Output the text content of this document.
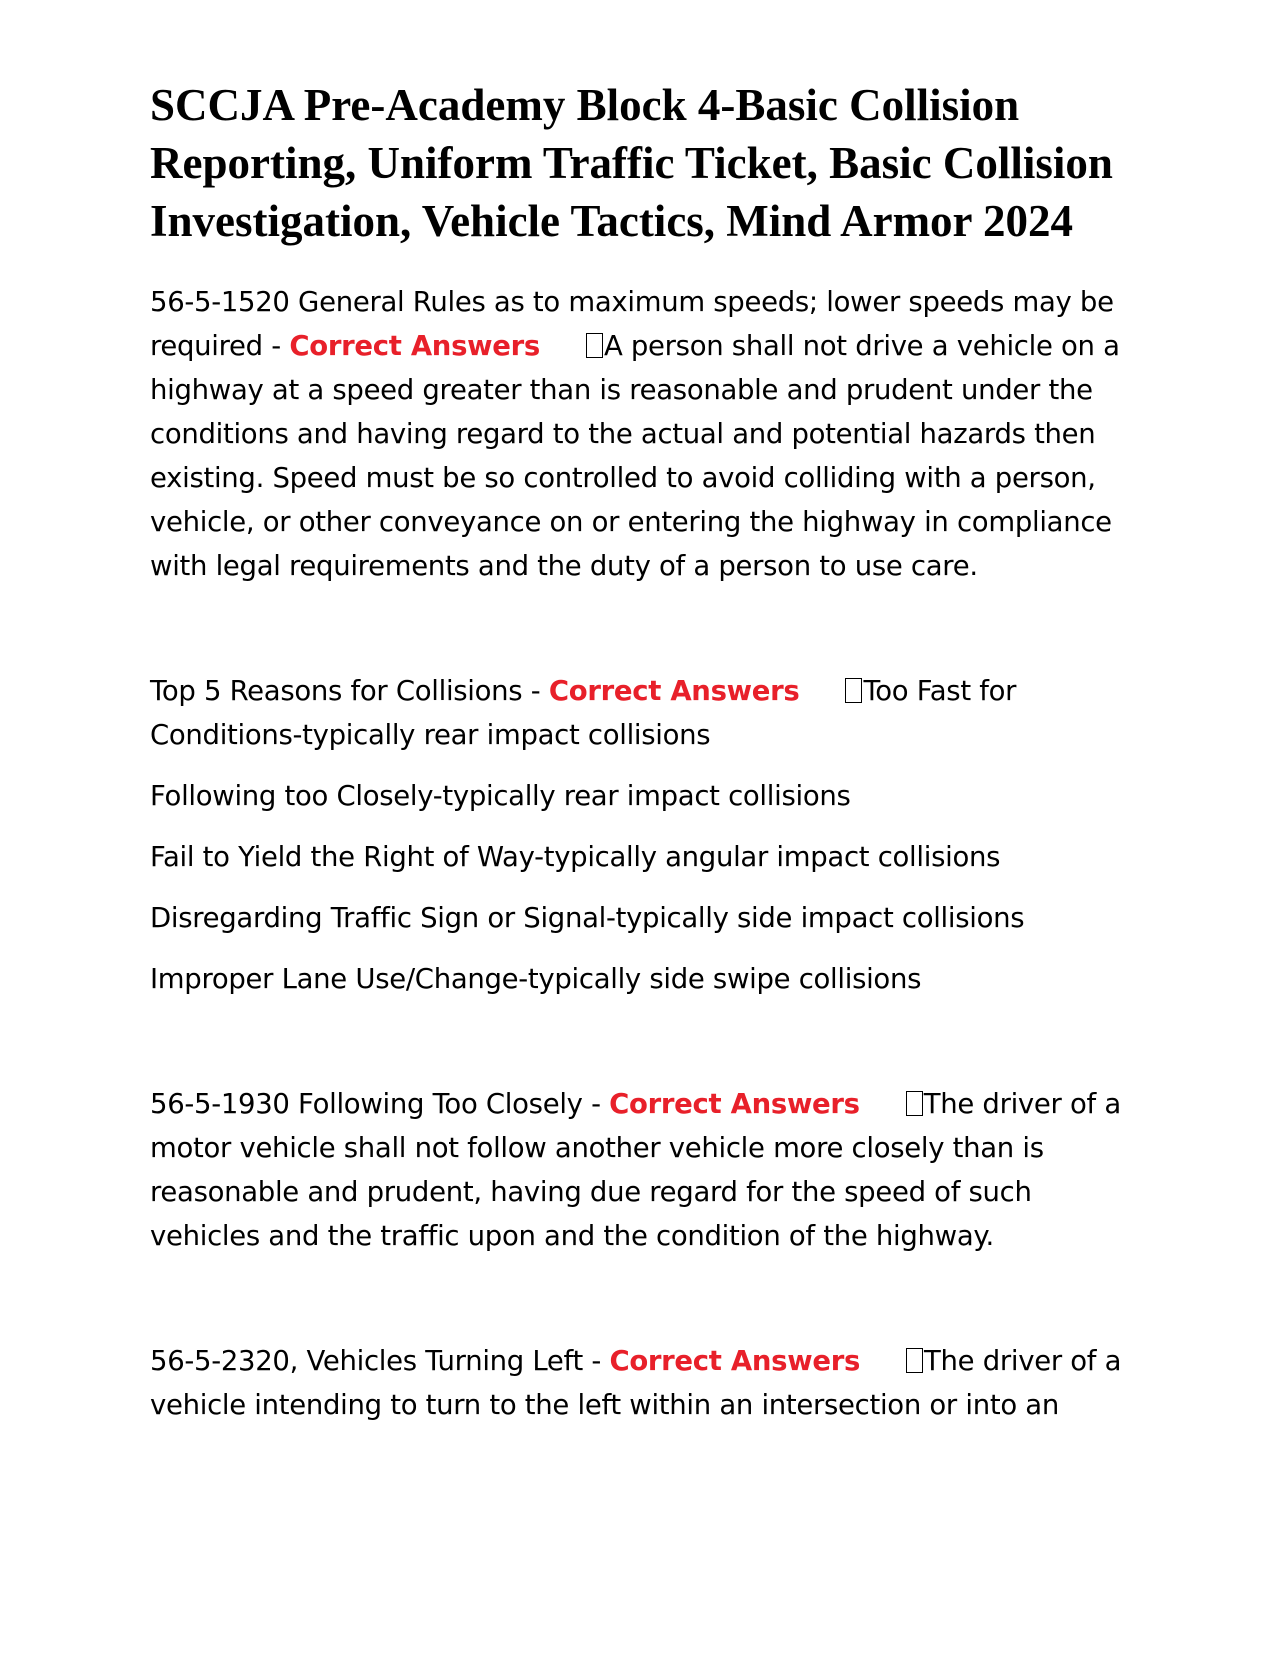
SCCJA Pre-Academy Block 4-Basic Collision Reporting, Uniform Traffic Ticket, Basic Collision Investigation, Vehicle Tactics, Mind Armor 2024

56-5-1520 General Rules as to maximum speeds; lower speeds may be required - Correct Answers A person shall not drive a vehicle on a highway at a speed greater than is reasonable and prudent under the conditions and having regard to the actual and potential hazards then existing. Speed must be so controlled to avoid colliding with a person, vehicle, or other conveyance on or entering the highway in compliance with legal requirements and the duty of a person to use care.

Top 5 Reasons for Collisions - Correct Answers Too Fast for Conditions-typically rear impact collisions

Following too Closely-typically rear impact collisions

Fail to Yield the Right of Way-typically angular impact collisions

Disregarding Traffic Sign or Signal-typically side impact collisions

Improper Lane Use/Change-typically side swipe collisions

56-5-1930 Following Too Closely - Correct Answers The driver of a motor vehicle shall not follow another vehicle more closely than is reasonable and prudent, having due regard for the speed of such vehicles and the traffic upon and the condition of the highway.

56-5-2320, Vehicles Turning Left - Correct Answers The driver of a vehicle intending to turn to the left within an intersection or into an
